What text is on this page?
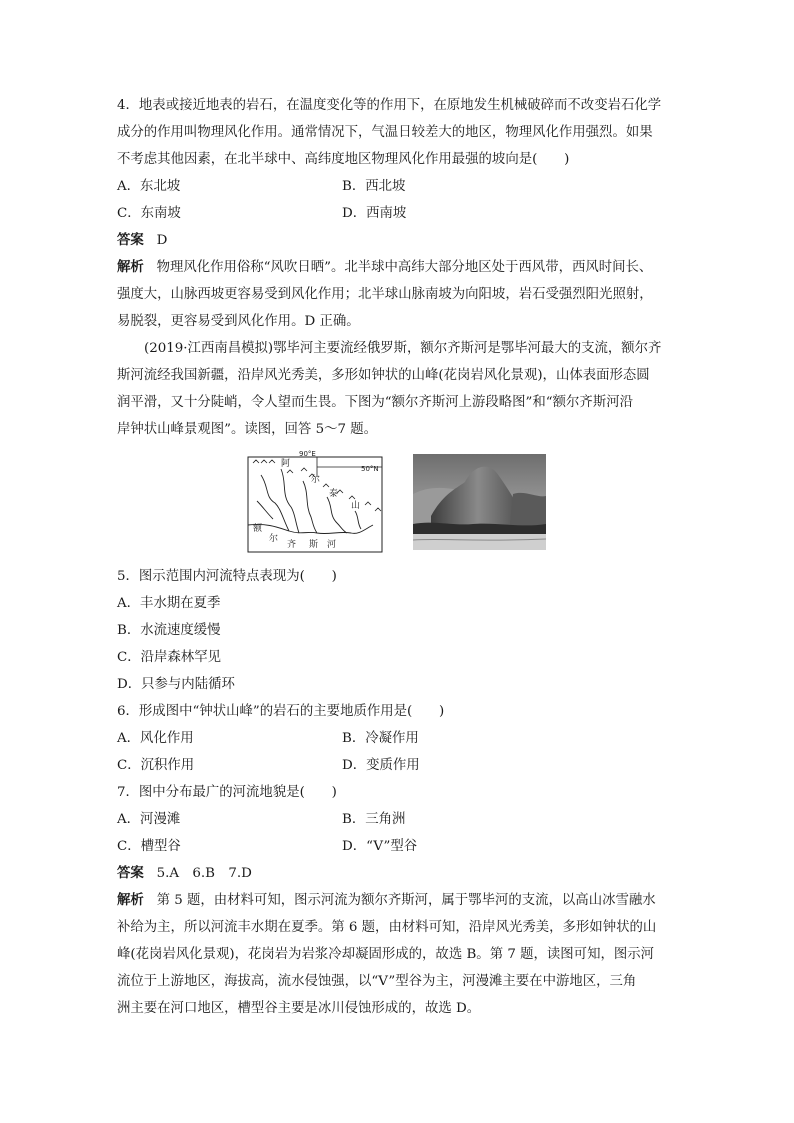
4．地表或接近地表的岩石，在温度变化等的作用下，在原地发生机械破碎而不改变岩石化学

成分的作用叫物理风化作用。通常情况下，气温日较差大的地区，物理风化作用强烈。如果

不考虑其他因素，在北半球中、高纬度地区物理风化作用最强的坡向是(　　)

A．东北坡	B．西北坡
C．东南坡	D．西南坡

答案 D

解析 物理风化作用俗称“风吹日晒”。北半球中高纬大部分地区处于西风带，西风时间长、

强度大，山脉西坡更容易受到风化作用；北半球山脉南坡为向阳坡，岩石受强烈阳光照射，

易脱裂，更容易受到风化作用。D 正确。

(2019·江西南昌模拟)鄂毕河主要流经俄罗斯，额尔齐斯河是鄂毕河最大的支流，额尔齐

斯河流经我国新疆，沿岸风光秀美，多形如钟状的山峰(花岗岩风化景观)，山体表面形态圆

润平滑，又十分陡峭，令人望而生畏。下图为“额尔齐斯河上游段略图”和“额尔齐斯河沿

岸钟状山峰景观图”。读图，回答 5～7 题。

90°E
50°N
阿
尔
泰
山
额
尔
齐 斯 河

5．图示范围内河流特点表现为(　　)

A．丰水期在夏季

B．水流速度缓慢

C．沿岸森林罕见

D．只参与内陆循环

6．形成图中“钟状山峰”的岩石的主要地质作用是(　　)

A．风化作用	B．冷凝作用
C．沉积作用	D．变质作用

7．图中分布最广的河流地貌是(　　)

A．河漫滩	B．三角洲
C．槽型谷	D．“V”型谷

答案 5.A　6.B　7.D

解析 第 5 题，由材料可知，图示河流为额尔齐斯河，属于鄂毕河的支流，以高山冰雪融水

补给为主，所以河流丰水期在夏季。第 6 题，由材料可知，沿岸风光秀美，多形如钟状的山

峰(花岗岩风化景观)，花岗岩为岩浆冷却凝固形成的，故选 B。第 7 题，读图可知，图示河

流位于上游地区，海拔高，流水侵蚀强，以“V”型谷为主，河漫滩主要在中游地区，三角

洲主要在河口地区，槽型谷主要是冰川侵蚀形成的，故选 D。
